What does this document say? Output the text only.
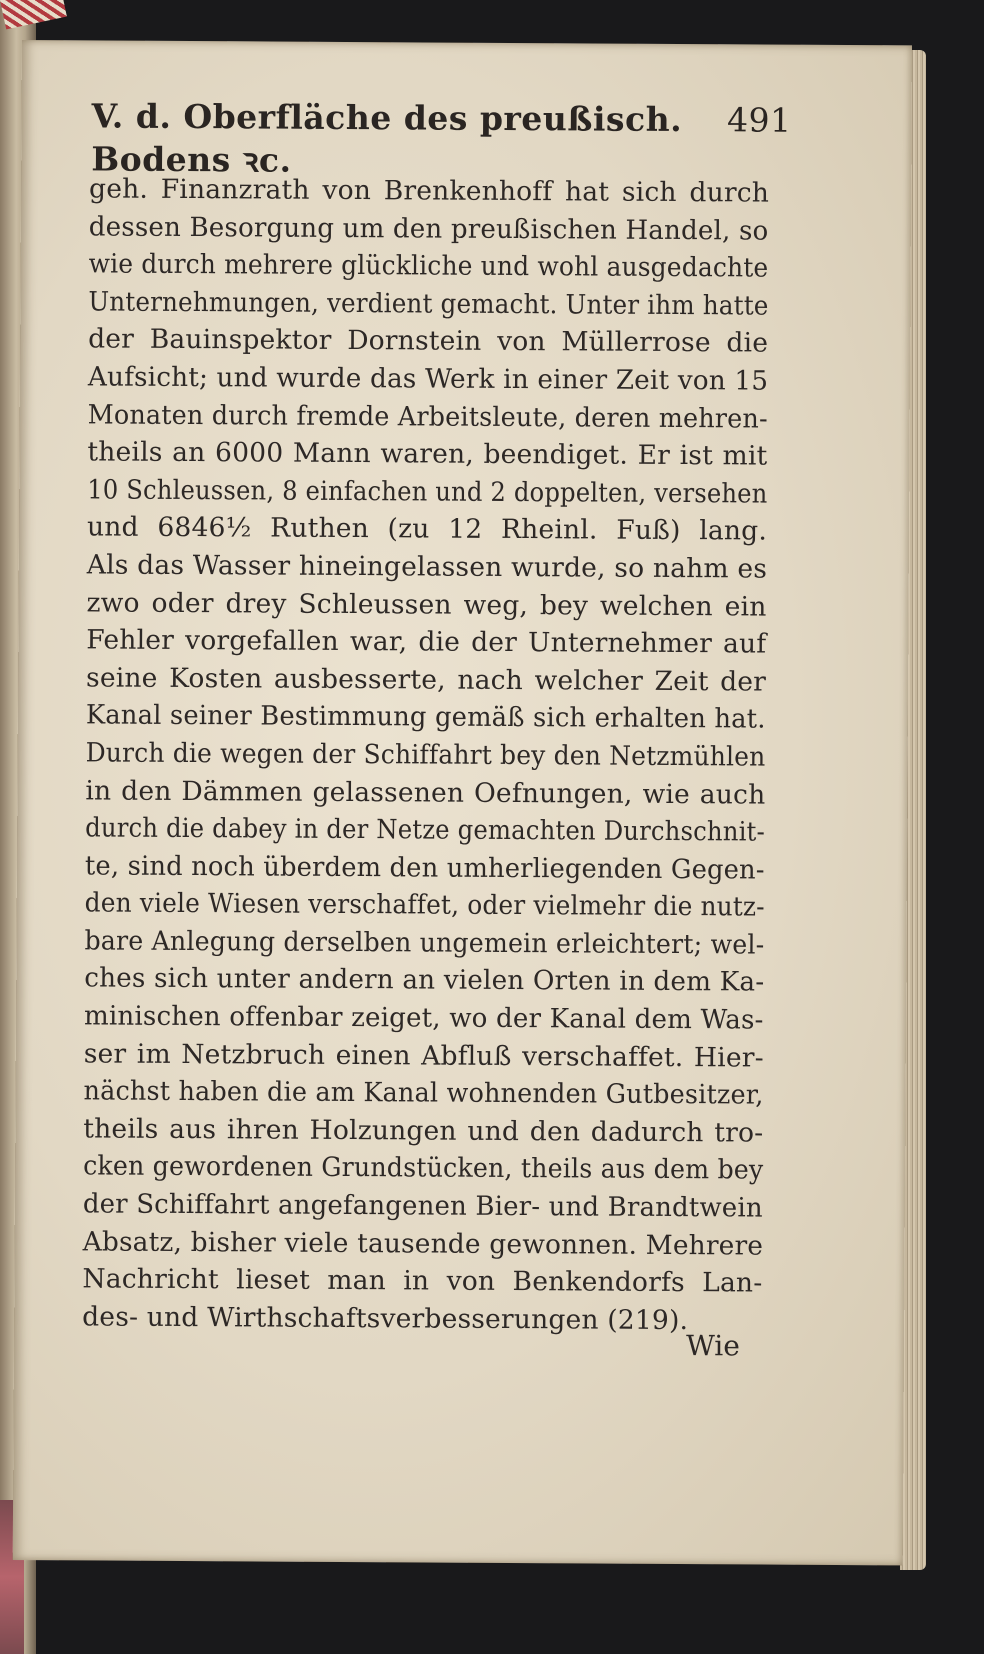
V. d. Oberfläche des preußisch. Bodens ꝛc.
491
geh. Finanzrath von Brenkenhoff hat sich durch
dessen Besorgung um den preußischen Handel, so
wie durch mehrere glückliche und wohl ausgedachte
Unternehmungen, verdient gemacht. Unter ihm hatte
der Bauinspektor Dornstein von Müllerrose die
Aufsicht; und wurde das Werk in einer Zeit von 15
Monaten durch fremde Arbeitsleute, deren mehren-
theils an 6000 Mann waren, beendiget. Er ist mit
10 Schleussen, 8 einfachen und 2 doppelten, versehen
und 6846½ Ruthen (zu 12 Rheinl. Fuß) lang.
Als das Wasser hineingelassen wurde, so nahm es
zwo oder drey Schleussen weg, bey welchen ein
Fehler vorgefallen war, die der Unternehmer auf
seine Kosten ausbesserte, nach welcher Zeit der
Kanal seiner Bestimmung gemäß sich erhalten hat.
Durch die wegen der Schiffahrt bey den Netzmühlen
in den Dämmen gelassenen Oefnungen, wie auch
durch die dabey in der Netze gemachten Durchschnit-
te, sind noch überdem den umherliegenden Gegen-
den viele Wiesen verschaffet, oder vielmehr die nutz-
bare Anlegung derselben ungemein erleichtert; wel-
ches sich unter andern an vielen Orten in dem Ka-
minischen offenbar zeiget, wo der Kanal dem Was-
ser im Netzbruch einen Abfluß verschaffet. Hier-
nächst haben die am Kanal wohnenden Gutbesitzer,
theils aus ihren Holzungen und den dadurch tro-
cken gewordenen Grundstücken, theils aus dem bey
der Schiffahrt angefangenen Bier- und Brandtwein
Absatz, bisher viele tausende gewonnen. Mehrere
Nachricht lieset man in von Benkendorfs Lan-
des- und Wirthschaftsverbesserungen (219).
Wie
